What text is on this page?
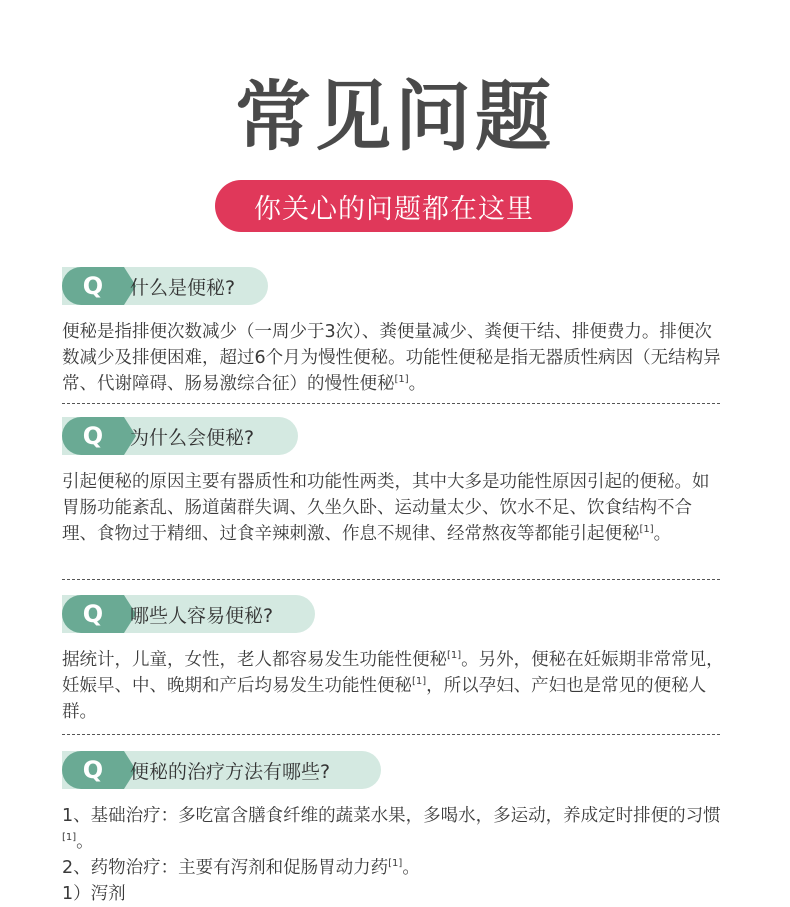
常见问题
你关心的问题都在这里
Q	什么是便秘?

便秘是指排便次数减少（一周少于3次）、粪便量减少、粪便干结、排便费力。排便次数减少及排便困难，超过6个月为慢性便秘。功能性便秘是指无器质性病因（无结构异常、代谢障碍、肠易激综合征）的慢性便秘[1]。

Q	为什么会便秘?

引起便秘的原因主要有器质性和功能性两类，其中大多是功能性原因引起的便秘。如胃肠功能紊乱、肠道菌群失调、久坐久卧、运动量太少、饮水不足、饮食结构不合理、食物过于精细、过食辛辣刺激、作息不规律、经常熬夜等都能引起便秘[1]。

Q	哪些人容易便秘?

据统计，儿童，女性，老人都容易发生功能性便秘[1]。另外，便秘在妊娠期非常常见，妊娠早、中、晚期和产后均易发生功能性便秘[1]，所以孕妇、产妇也是常见的便秘人群。

Q	便秘的治疗方法有哪些?

1、基础治疗：多吃富含膳食纤维的蔬菜水果，多喝水，多运动，养成定时排便的习惯[1]。

2、药物治疗：主要有泻剂和促肠胃动力药[1]。

1）泻剂
